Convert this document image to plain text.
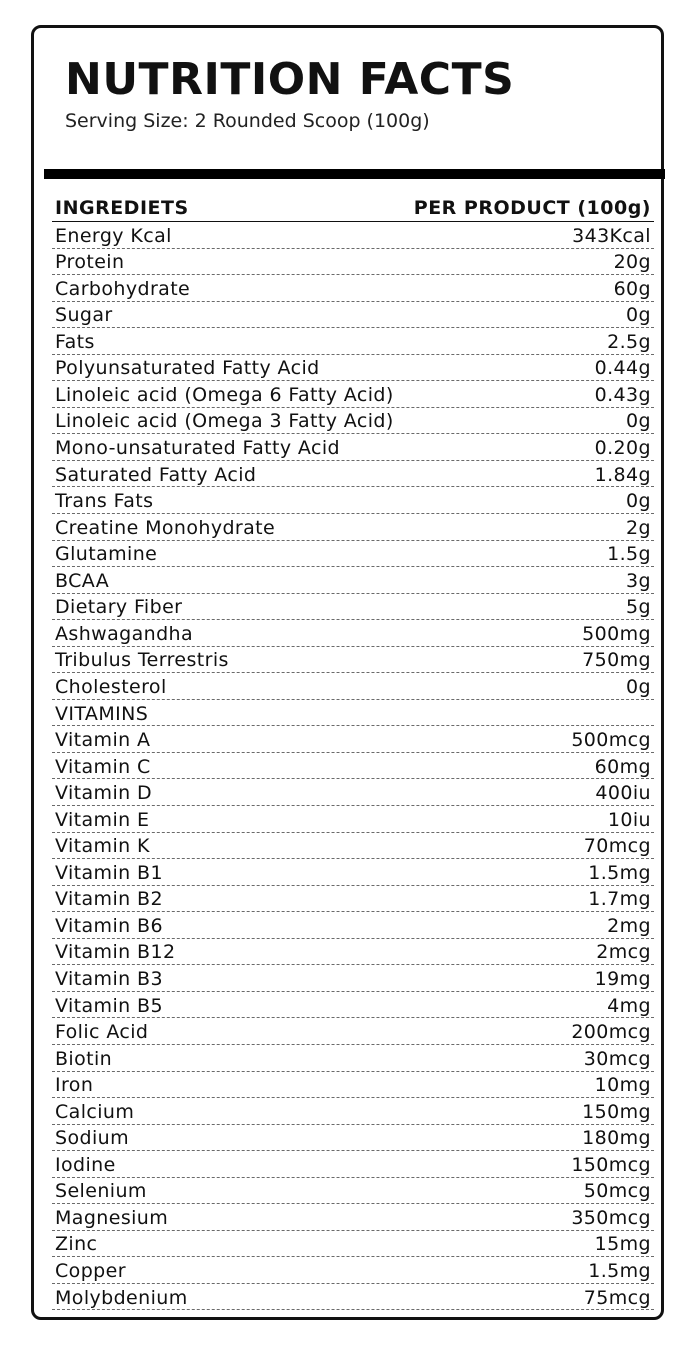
NUTRITION FACTS
Serving Size: 2 Rounded Scoop (100g)
INGREDIETS	PER PRODUCT (100g)
Energy Kcal	343Kcal
Protein	20g
Carbohydrate	60g
Sugar	0g
Fats	2.5g
Polyunsaturated Fatty Acid	0.44g
Linoleic acid (Omega 6 Fatty Acid)	0.43g
Linoleic acid (Omega 3 Fatty Acid)	0g
Mono-unsaturated Fatty Acid	0.20g
Saturated Fatty Acid	1.84g
Trans Fats	0g
Creatine Monohydrate	2g
Glutamine	1.5g
BCAA	3g
Dietary Fiber	5g
Ashwagandha	500mg
Tribulus Terrestris	750mg
Cholesterol	0g
VITAMINS
Vitamin A	500mcg
Vitamin C	60mg
Vitamin D	400iu
Vitamin E	10iu
Vitamin K	70mcg
Vitamin B1	1.5mg
Vitamin B2	1.7mg
Vitamin B6	2mg
Vitamin B12	2mcg
Vitamin B3	19mg
Vitamin B5	4mg
Folic Acid	200mcg
Biotin	30mcg
Iron	10mg
Calcium	150mg
Sodium	180mg
Iodine	150mcg
Selenium	50mcg
Magnesium	350mcg
Zinc	15mg
Copper	1.5mg
Molybdenium	75mcg
